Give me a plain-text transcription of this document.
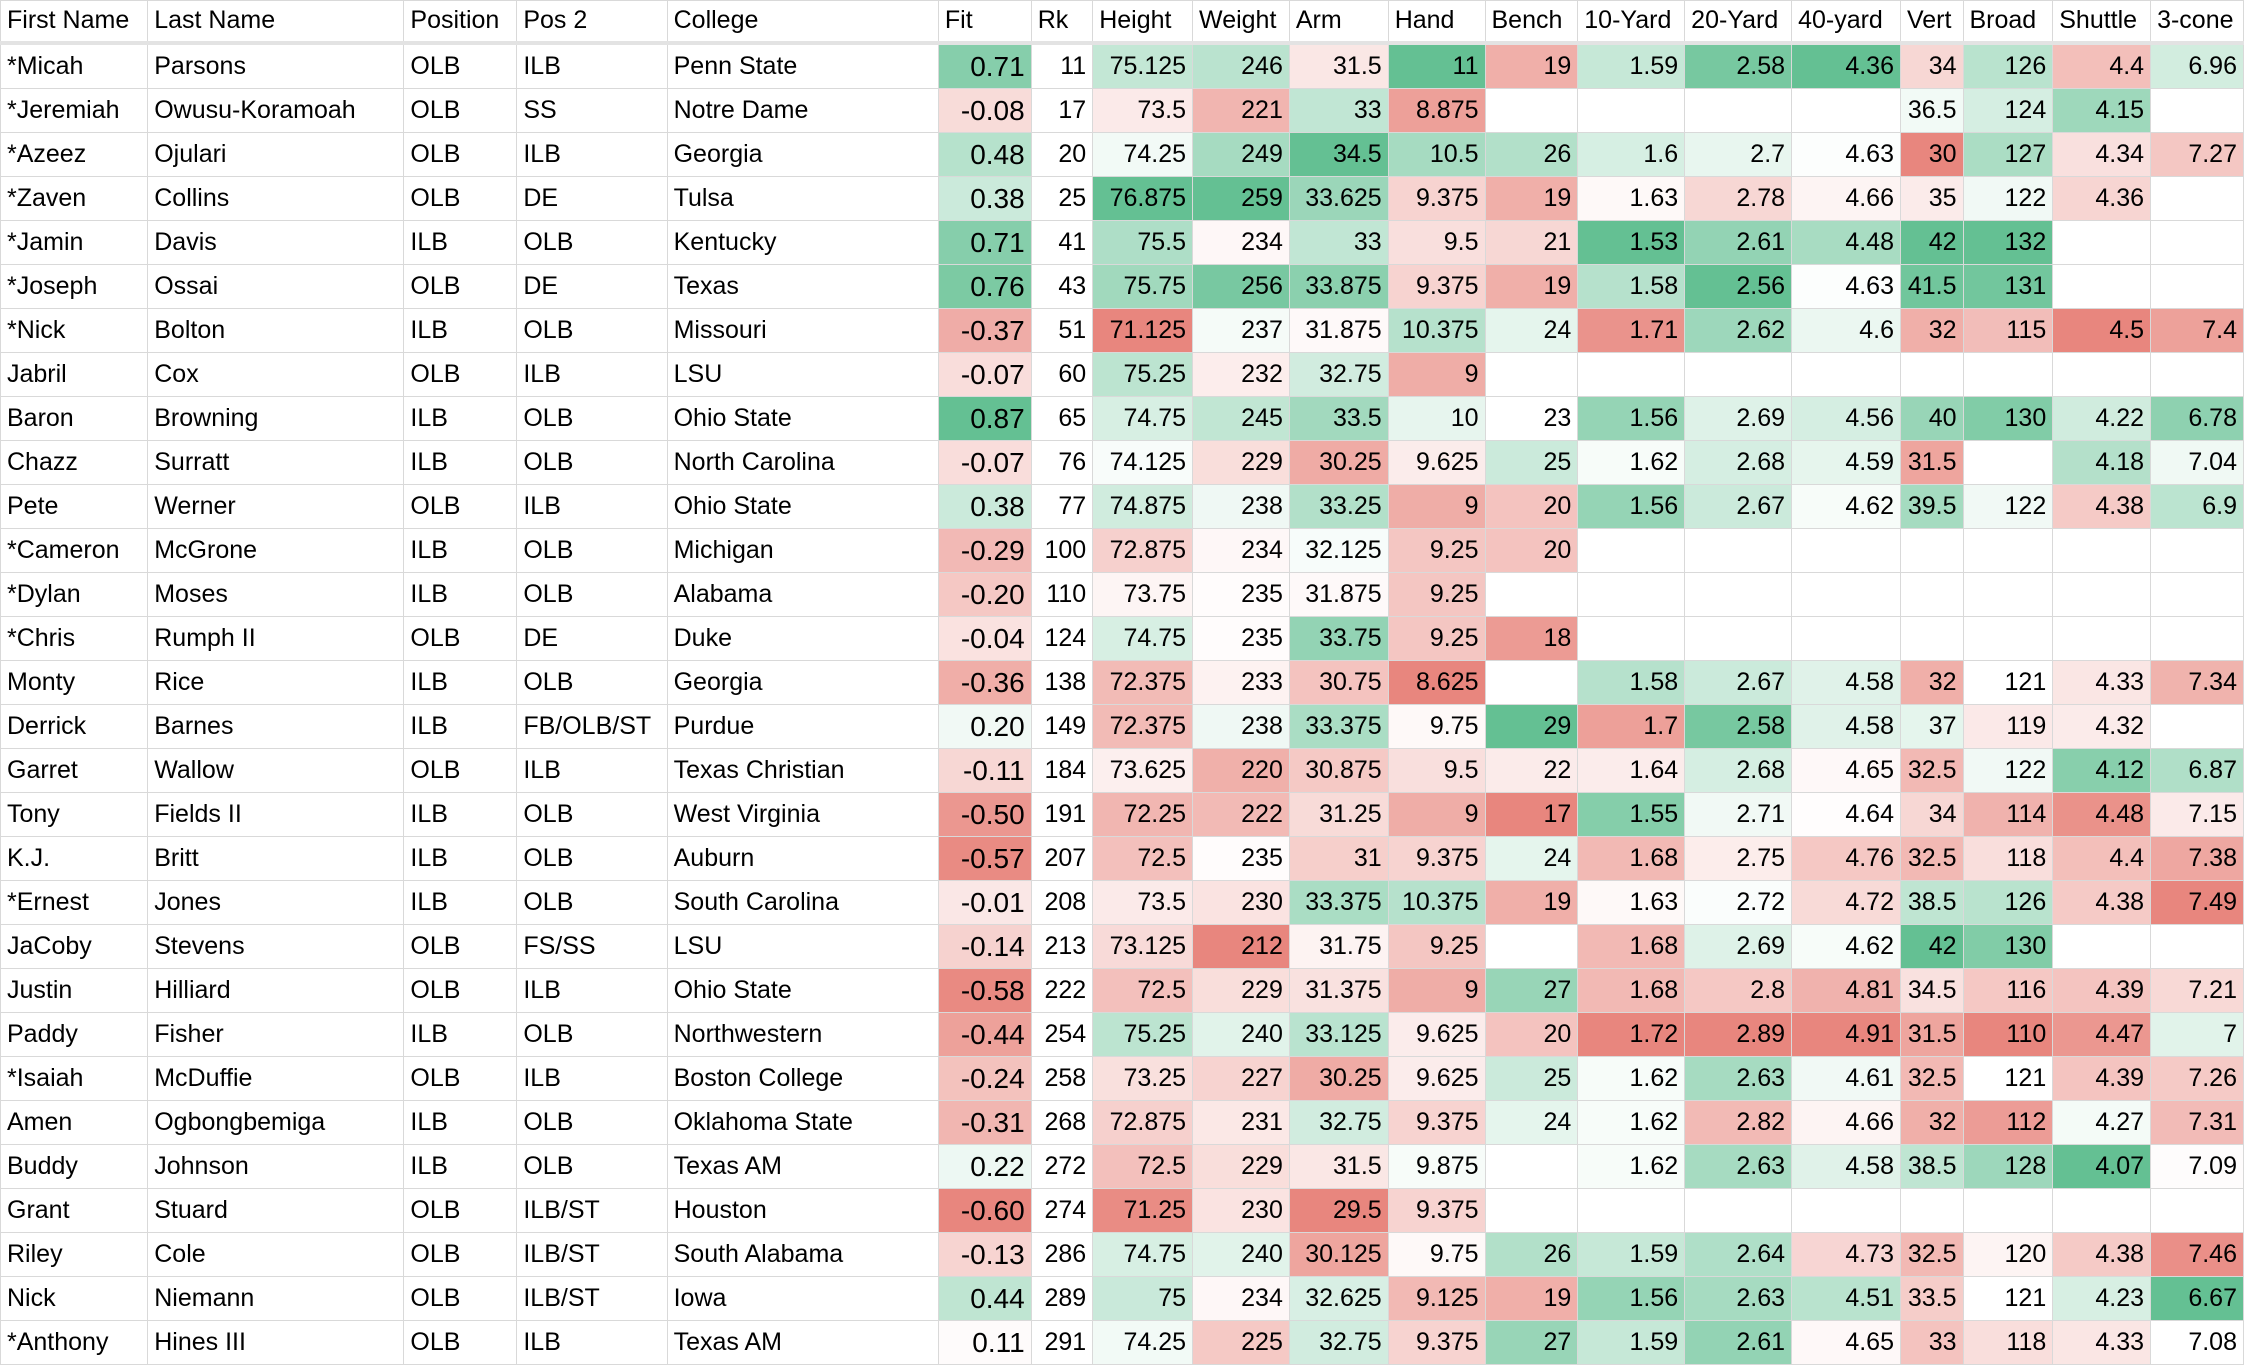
First Name	Last Name	Position	Pos 2	College	Fit	Rk	Height	Weight	Arm	Hand	Bench	10-Yard	20-Yard	40-yard	Vert	Broad	Shuttle	3-cone
*Micah	Parsons	OLB	ILB	Penn State	0.71	11	75.125	246	31.5	11	19	1.59	2.58	4.36	34	126	4.4	6.96
*Jeremiah	Owusu-Koramoah	OLB	SS	Notre Dame	-0.08	17	73.5	221	33	8.875					36.5	124	4.15	
*Azeez	Ojulari	OLB	ILB	Georgia	0.48	20	74.25	249	34.5	10.5	26	1.6	2.7	4.63	30	127	4.34	7.27
*Zaven	Collins	OLB	DE	Tulsa	0.38	25	76.875	259	33.625	9.375	19	1.63	2.78	4.66	35	122	4.36	
*Jamin	Davis	ILB	OLB	Kentucky	0.71	41	75.5	234	33	9.5	21	1.53	2.61	4.48	42	132		
*Joseph	Ossai	OLB	DE	Texas	0.76	43	75.75	256	33.875	9.375	19	1.58	2.56	4.63	41.5	131		
*Nick	Bolton	ILB	OLB	Missouri	-0.37	51	71.125	237	31.875	10.375	24	1.71	2.62	4.6	32	115	4.5	7.4
Jabril	Cox	OLB	ILB	LSU	-0.07	60	75.25	232	32.75	9								
Baron	Browning	ILB	OLB	Ohio State	0.87	65	74.75	245	33.5	10	23	1.56	2.69	4.56	40	130	4.22	6.78
Chazz	Surratt	ILB	OLB	North Carolina	-0.07	76	74.125	229	30.25	9.625	25	1.62	2.68	4.59	31.5		4.18	7.04
Pete	Werner	OLB	ILB	Ohio State	0.38	77	74.875	238	33.25	9	20	1.56	2.67	4.62	39.5	122	4.38	6.9
*Cameron	McGrone	ILB	OLB	Michigan	-0.29	100	72.875	234	32.125	9.25	20							
*Dylan	Moses	ILB	OLB	Alabama	-0.20	110	73.75	235	31.875	9.25								
*Chris	Rumph II	OLB	DE	Duke	-0.04	124	74.75	235	33.75	9.25	18							
Monty	Rice	ILB	OLB	Georgia	-0.36	138	72.375	233	30.75	8.625		1.58	2.67	4.58	32	121	4.33	7.34
Derrick	Barnes	ILB	FB/OLB/ST	Purdue	0.20	149	72.375	238	33.375	9.75	29	1.7	2.58	4.58	37	119	4.32	
Garret	Wallow	OLB	ILB	Texas Christian	-0.11	184	73.625	220	30.875	9.5	22	1.64	2.68	4.65	32.5	122	4.12	6.87
Tony	Fields II	ILB	OLB	West Virginia	-0.50	191	72.25	222	31.25	9	17	1.55	2.71	4.64	34	114	4.48	7.15
K.J.	Britt	ILB	OLB	Auburn	-0.57	207	72.5	235	31	9.375	24	1.68	2.75	4.76	32.5	118	4.4	7.38
*Ernest	Jones	ILB	OLB	South Carolina	-0.01	208	73.5	230	33.375	10.375	19	1.63	2.72	4.72	38.5	126	4.38	7.49
JaCoby	Stevens	OLB	FS/SS	LSU	-0.14	213	73.125	212	31.75	9.25		1.68	2.69	4.62	42	130		
Justin	Hilliard	OLB	ILB	Ohio State	-0.58	222	72.5	229	31.375	9	27	1.68	2.8	4.81	34.5	116	4.39	7.21
Paddy	Fisher	ILB	OLB	Northwestern	-0.44	254	75.25	240	33.125	9.625	20	1.72	2.89	4.91	31.5	110	4.47	7
*Isaiah	McDuffie	OLB	ILB	Boston College	-0.24	258	73.25	227	30.25	9.625	25	1.62	2.63	4.61	32.5	121	4.39	7.26
Amen	Ogbongbemiga	ILB	OLB	Oklahoma State	-0.31	268	72.875	231	32.75	9.375	24	1.62	2.82	4.66	32	112	4.27	7.31
Buddy	Johnson	ILB	OLB	Texas AM	0.22	272	72.5	229	31.5	9.875		1.62	2.63	4.58	38.5	128	4.07	7.09
Grant	Stuard	OLB	ILB/ST	Houston	-0.60	274	71.25	230	29.5	9.375								
Riley	Cole	OLB	ILB/ST	South Alabama	-0.13	286	74.75	240	30.125	9.75	26	1.59	2.64	4.73	32.5	120	4.38	7.46
Nick	Niemann	OLB	ILB/ST	Iowa	0.44	289	75	234	32.625	9.125	19	1.56	2.63	4.51	33.5	121	4.23	6.67
*Anthony	Hines III	OLB	ILB	Texas AM	0.11	291	74.25	225	32.75	9.375	27	1.59	2.61	4.65	33	118	4.33	7.08
